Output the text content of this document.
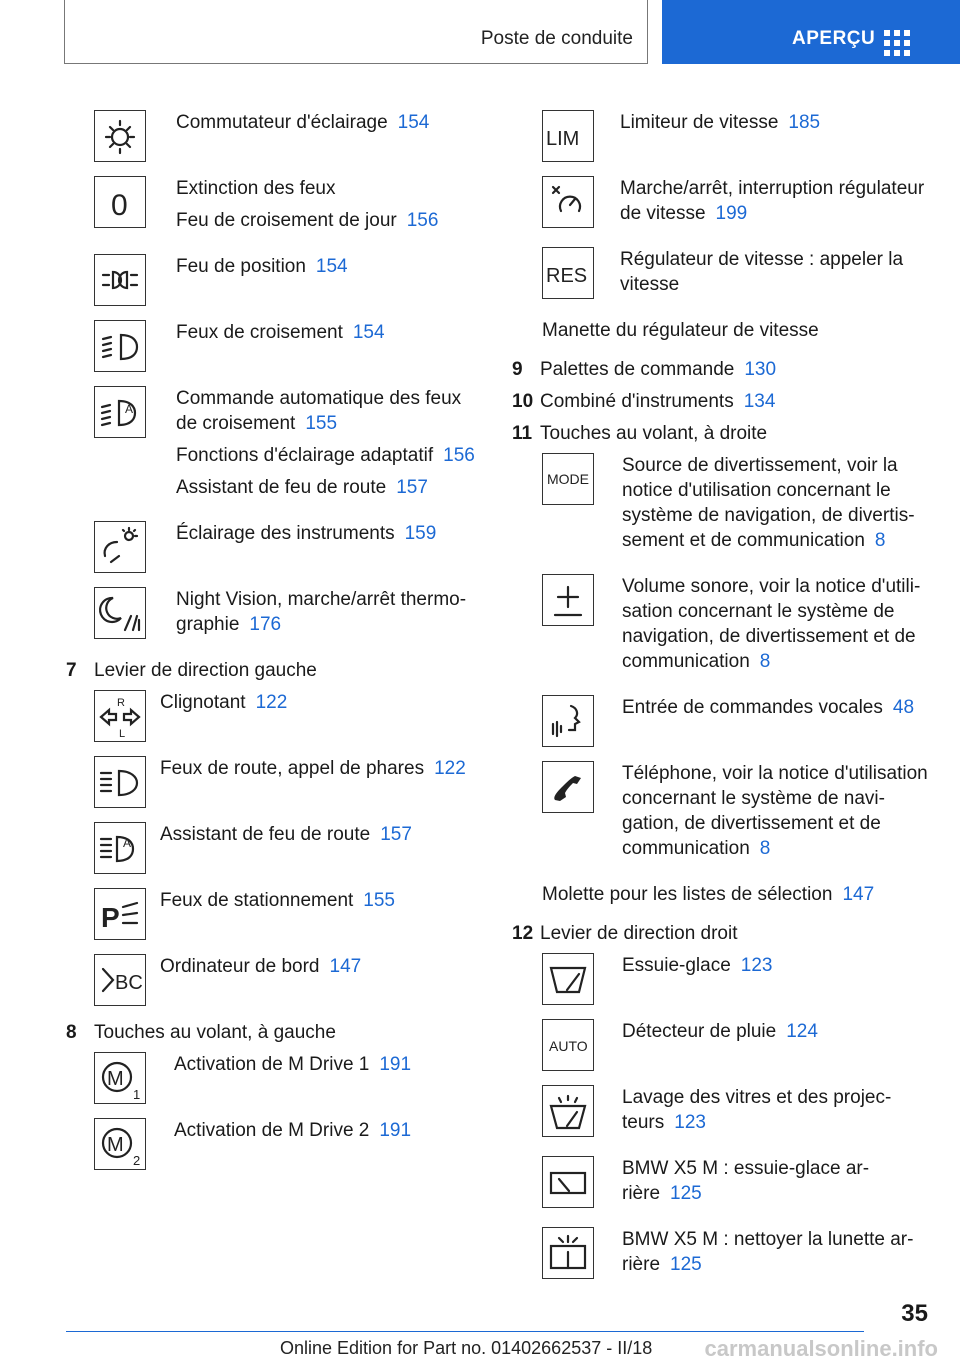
Poste de conduite	APERÇU

Commutateur d'éclairage 154

0

Extinction des feux

Feu de croisement de jour 156

Feu de position 154

Feux de croisement 154

A Commande automatique des feux de croisement 155

Fonctions d'éclairage adaptatif 156

Assistant de feu de route 157

Éclairage des instruments 159

Night Vision, marche/arrêt thermographie 176

7 Levier de direction gauche
R
L

Clignotant 122

Feux de route, appel de phares 122

A Assistant de feu de route 157

P

Feux de stationnement 155

BC

Ordinateur de bord 147

8 Touches au volant, à gauche
M
1

Activation de M Drive 1 191

M
2

Activation de M Drive 2 191

LIM

Limiteur de vitesse 185

Marche/arrêt, interruption régulateur de vitesse 199

RES

Régulateur de vitesse : appeler la vitesse

Manette du régulateur de vitesse
9 Palettes de commande 130
10 Combiné d'instruments 134
11 Touches au volant, à droite
MODE

Source de divertissement, voir la notice d'utilisation concernant le système de navigation, de divertissement et de communication 8

Volume sonore, voir la notice d'utilisation concernant le système de navigation, de divertissement et de communication 8

Entrée de commandes vocales 48

Téléphone, voir la notice d'utilisation concernant le système de navigation, de divertissement et de communication 8

Molette pour les listes de sélection 147
12 Levier de direction droit

Essuie-glace 123

AUTO

Détecteur de pluie 124

Lavage des vitres et des projecteurs 123

BMW X5 M : essuie-glace arrière 125

BMW X5 M : nettoyer la lunette arrière 125

35
Online Edition for Part no. 01402662537 - II/18 carmanualsonline.info
